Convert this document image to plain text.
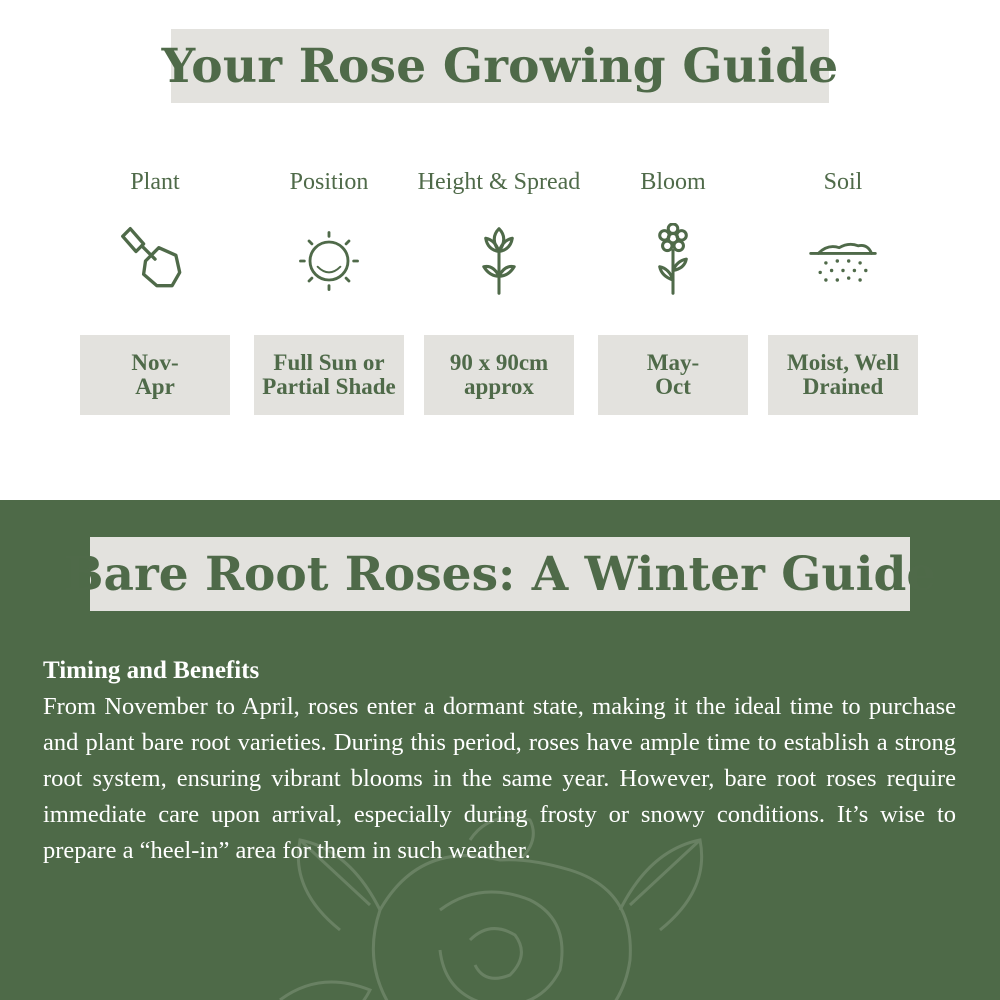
Your Rose Growing Guide
Plant
Nov-
Apr
Position
Full Sun or Partial Shade
Height & Spread
90 x 90cm approx
Bloom
May-
Oct
Soil
Moist, Well Drained
Bare Root Roses: A Winter Guide
Timing and Benefits

From November to April, roses enter a dormant state, making it the ideal time to purchase and plant bare root varieties. During this period, roses have ample time to establish a strong root system, ensuring vibrant blooms in the same year. However, bare root roses require immediate care upon arrival, especially during frosty or snowy conditions. It’s wise to prepare a “heel-in” area for them in such weather.
